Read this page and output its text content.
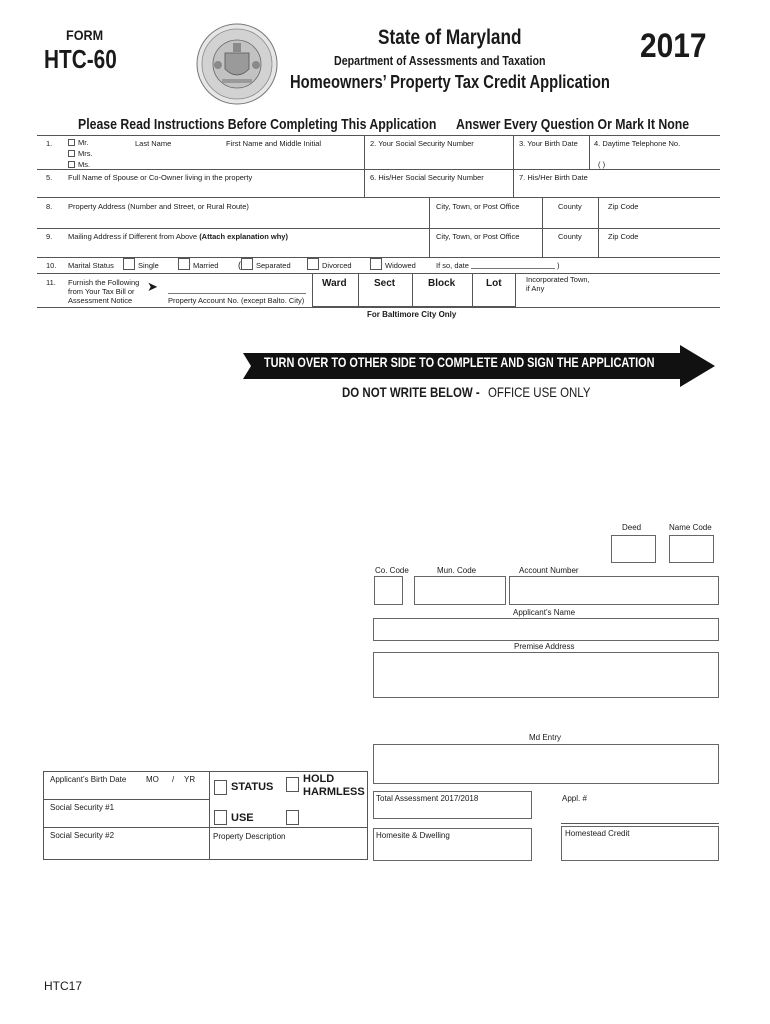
FORM
HTC-60
State of Maryland
Department of Assessments and Taxation
Homeowners’ Property Tax Credit Application
2017
Please Read Instructions Before Completing This Application Answer Every Question Or Mark It None
1.	Mr.
Mrs.
Ms.
Last Name	First Name and Middle Initial	2. Your Social Security Number	3. Your Birth Date 4. Daytime Telephone No.
( )
5. Full Name of Spouse or Co-Owner living in the property	6. His/Her Social Security Number	7. His/Her Birth Date
8. Property Address (Number and Street, or Rural Route)	City, Town, or Post Office	County	Zip Code
9. Mailing Address if Different from Above (Attach explanation why)	City, Town, or Post Office	County	Zip Code
10. Marital Status	Single	Married ( Separated	Divorced	Widowed	If so, date	)
11. Furnish the Following
from Your Tax Bill or
Assessment Notice
➤
Property Account No. (except Balto. City)
Ward	Sect	Block	Lot	Incorporated Town,
if Any
For Baltimore City Only
TURN OVER TO OTHER SIDE TO COMPLETE AND SIGN THE APPLICATION
DO NOT WRITE BELOW - OFFICE USE ONLY
Deed	Name Code
Co. Code	Mun. Code	Account Number
Applicant’s Name
Premise Address
Md Entry
Applicant’s Birth Date MO / YR
Social Security #1
Social Security #2
STATUS
HOLD
HARMLESS
USE
Property Description
Total Assessment 2017/2018	Appl. #
Homesite & Dwelling	Homestead Credit
HTC17
